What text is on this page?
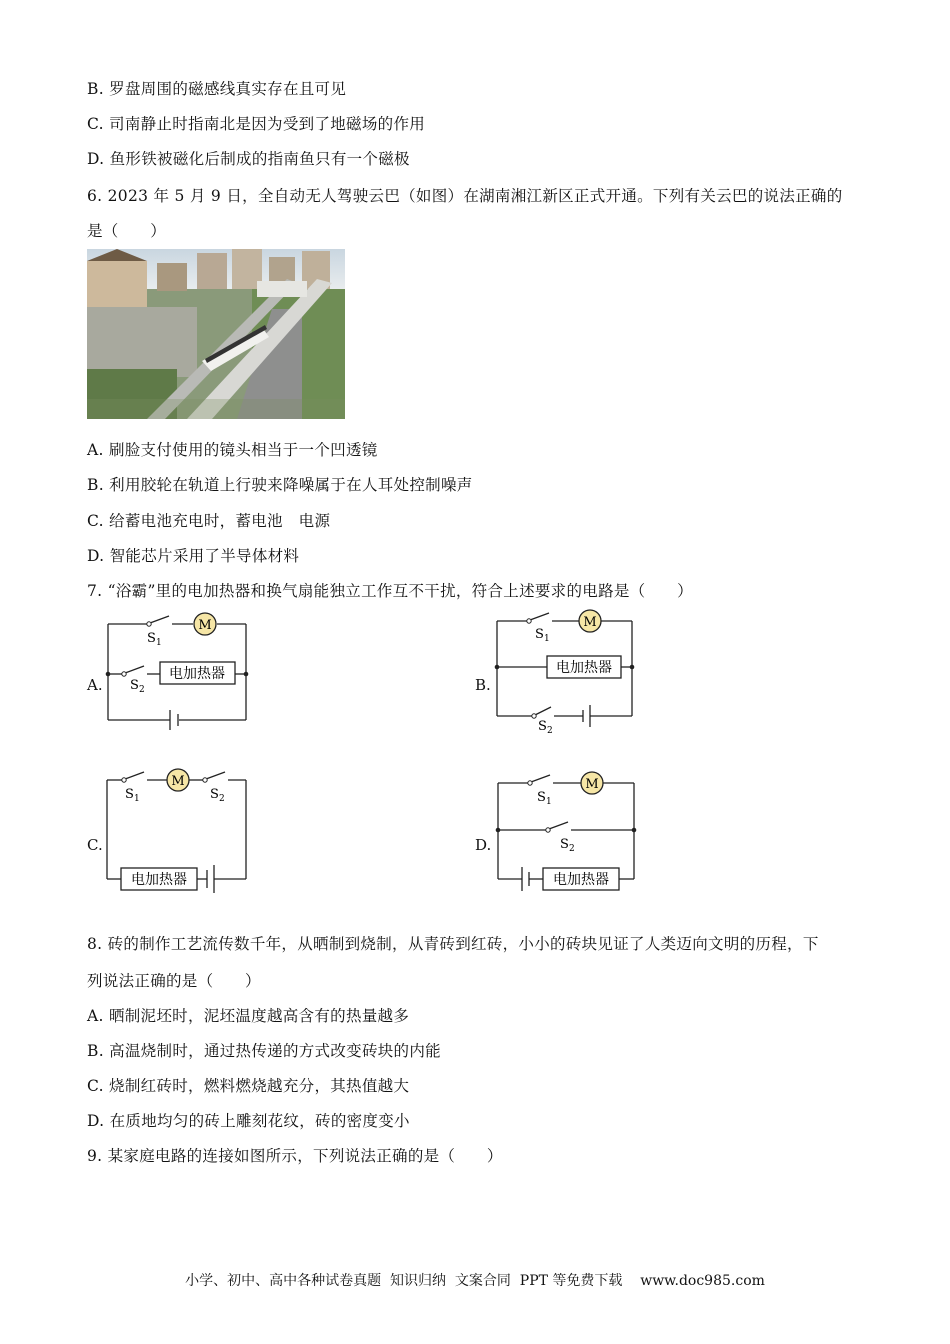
B. 罗盘周围的磁感线真实存在且可见
C. 司南静止时指南北是因为受到了地磁场的作用
D. 鱼形铁被磁化后制成的指南鱼只有一个磁极
6. 2023 年 5 月 9 日，全自动无人驾驶云巴（如图）在湖南湘江新区正式开通。下列有关云巴的说法正确的
是（　　）
A. 刷脸支付使用的镜头相当于一个凹透镜
B. 利用胶轮在轨道上行驶来降噪属于在人耳处控制噪声
C. 给蓄电池充电时，蓄电池　电源
D. 智能芯片采用了半导体材料
7. “浴霸”里的电加热器和换气扇能独立工作互不干扰，符合上述要求的电路是（　　）
A.
M
电加热器
S 1
S 2	B.
M
电加热器
S 1
S 2
C.
M
电加热器
S 1	S 2
D.
M
电加热器
S 1
S 2
8. 砖的制作工艺流传数千年，从晒制到烧制，从青砖到红砖，小小的砖块见证了人类迈向文明的历程，下
列说法正确的是（　　）
A. 晒制泥坯时，泥坯温度越高含有的热量越多
B. 高温烧制时，通过热传递的方式改变砖块的内能
C. 烧制红砖时，燃料燃烧越充分，其热值越大
D. 在质地均匀的砖上雕刻花纹，砖的密度变小
9. 某家庭电路的连接如图所示，下列说法正确的是（　　）
小学、初中、高中各种试卷真题  知识归纳  文案合同  PPT 等免费下载    www.doc985.com
